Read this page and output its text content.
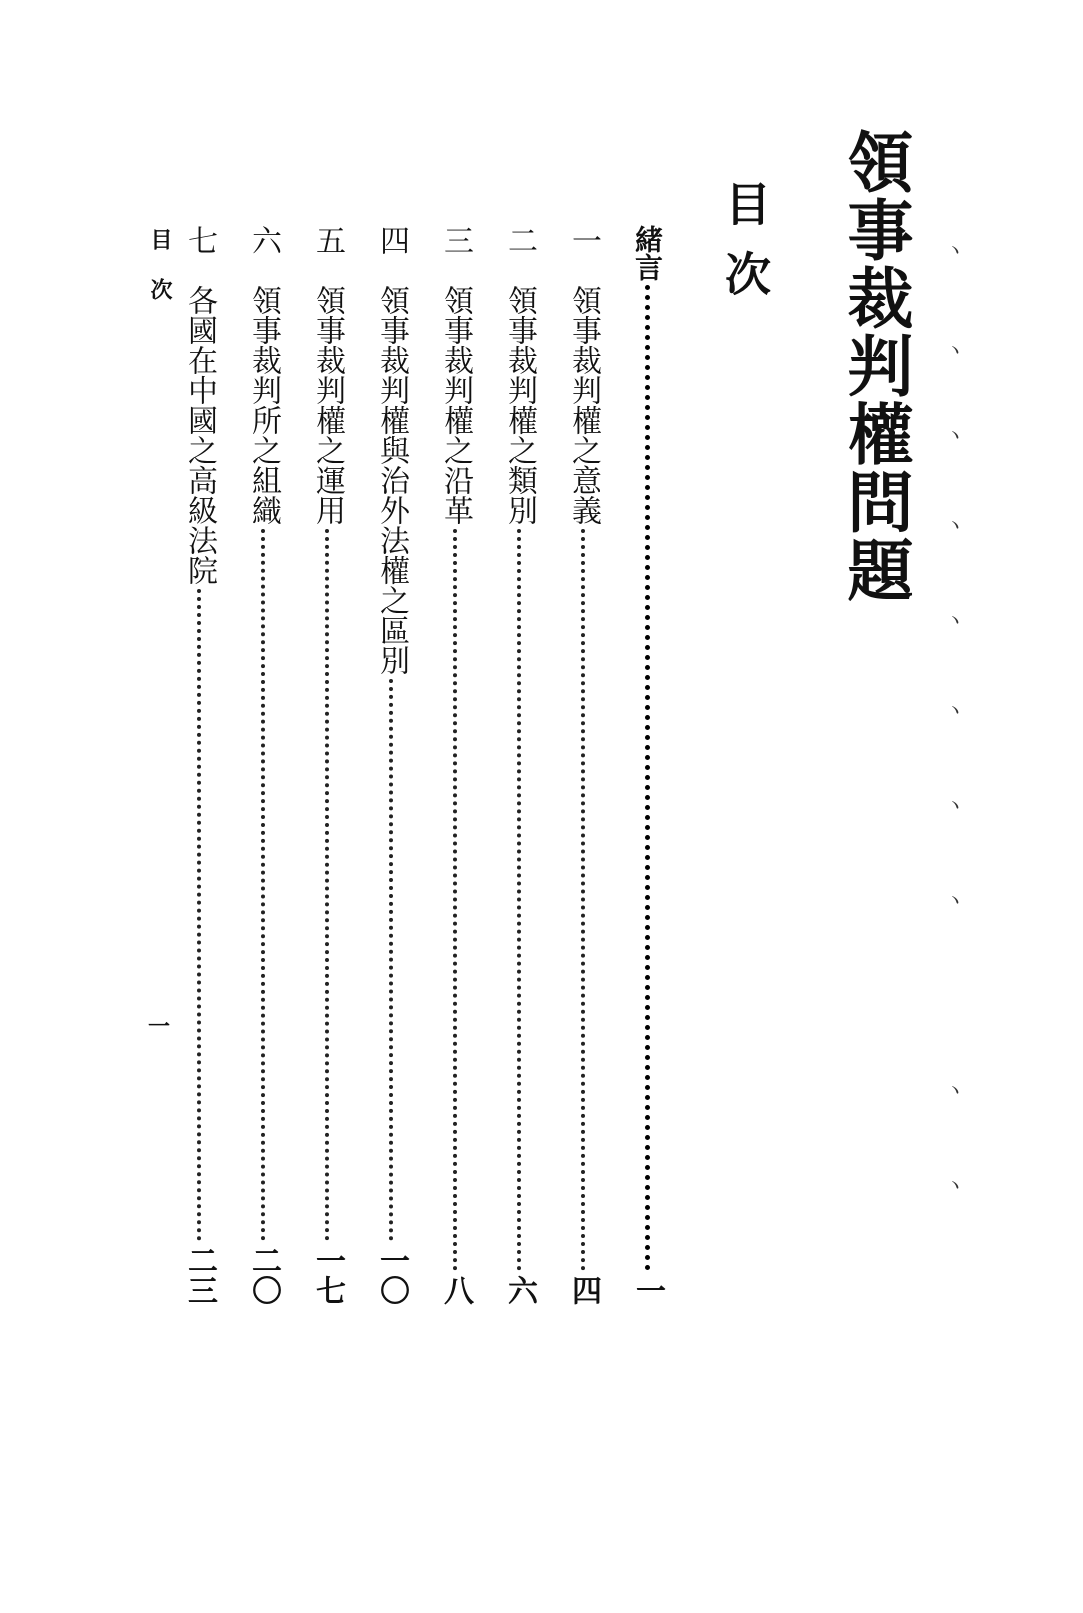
領事裁判權問題
目次
緒言
一
一
領事裁判權之意義
四
二
領事裁判權之類別
六
三
領事裁判權之沿革
八
四
領事裁判權與治外法權之區別
一〇
五
領事裁判權之運用
一七
六
領事裁判所之組織
二〇
七
各國在中國之高級法院
二三
目次
一
ヽ
ヽ
ヽ
ヽ
ヽ
ヽ
ヽ
ヽ
ヽ
ヽ
